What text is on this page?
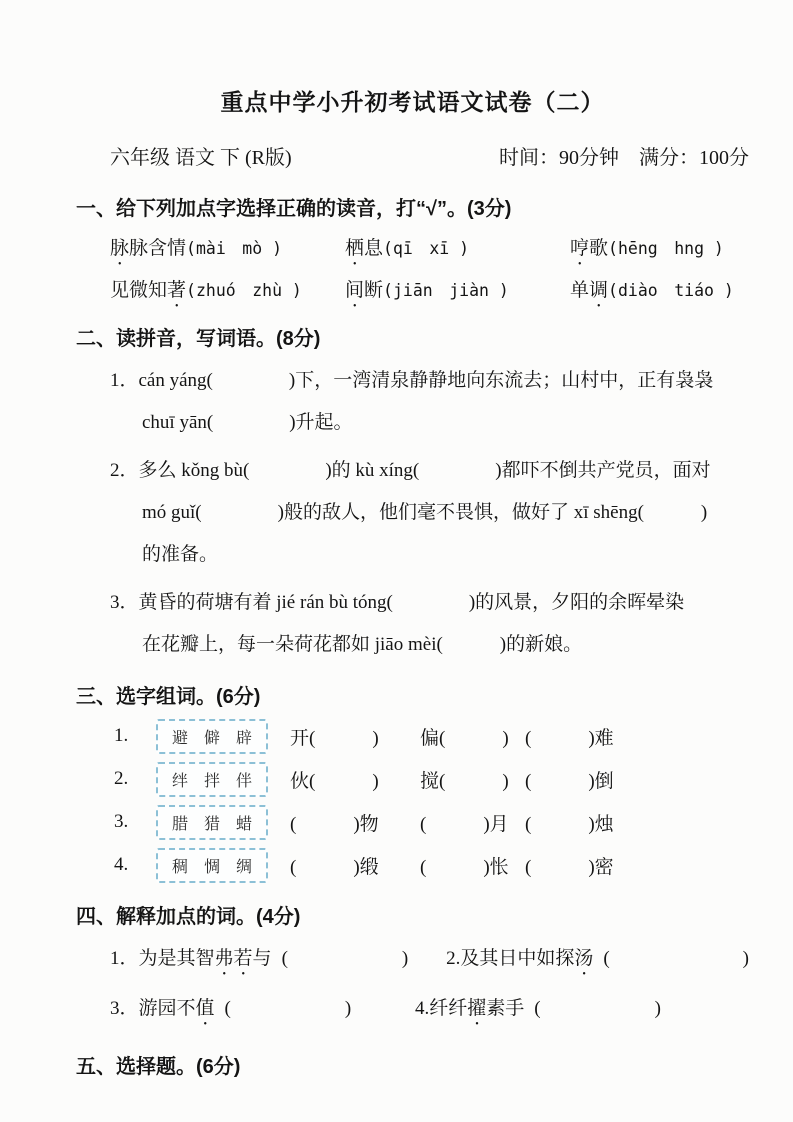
重点中学小升初考试语文试卷（二）
六年级 语文 下 (R版)	时间：90分钟　满分：100分
一、给下列加点字选择正确的读音，打“√”。(3分)
脉脉含情(mài　mò )	栖息(qī　xī )	哼歌(hēng　hng )
见微知著(zhuó　zhù )	间断(jiān　jiàn )	单调(diào　tiáo )
二、读拼音，写词语。(8分)
1．cán yáng(　　　　)下，一湾清泉静静地向东流去；山村中，正有袅袅
chuī yān(　　　　)升起。
2．多么 kǒng bù(　　　　)的 kù xíng(　　　　)都吓不倒共产党员，面对
mó guǐ(　　　　)般的敌人，他们毫不畏惧，做好了 xī shēng(　　　)
的准备。
3．黄昏的荷塘有着 jié rán bù tóng(　　　　)的风景，夕阳的余晖晕染
在花瓣上，每一朵荷花都如 jiāo mèi(　　　)的新娘。
三、选字组词。(6分)
1.	避　僻　辟	开(　　　)	偏(　　　) (　　　)难
2.	绊　拌　伴	伙(　　　)	搅(　　　) (　　　)倒
3.	腊　猎　蜡	(　　　)物	(　　　)月 (　　　)烛
4.	稠　惆　绸	(　　　)缎	(　　　)怅 (　　　)密
四、解释加点的词。(4分)
1．为是其智弗若与 (　　　　　　)	2.及其日中如探汤 (　　　　　　　)
3．游园不值 (　　　　　　)	4.纤纤擢素手 (　　　　　　)
五、选择题。(6分)
